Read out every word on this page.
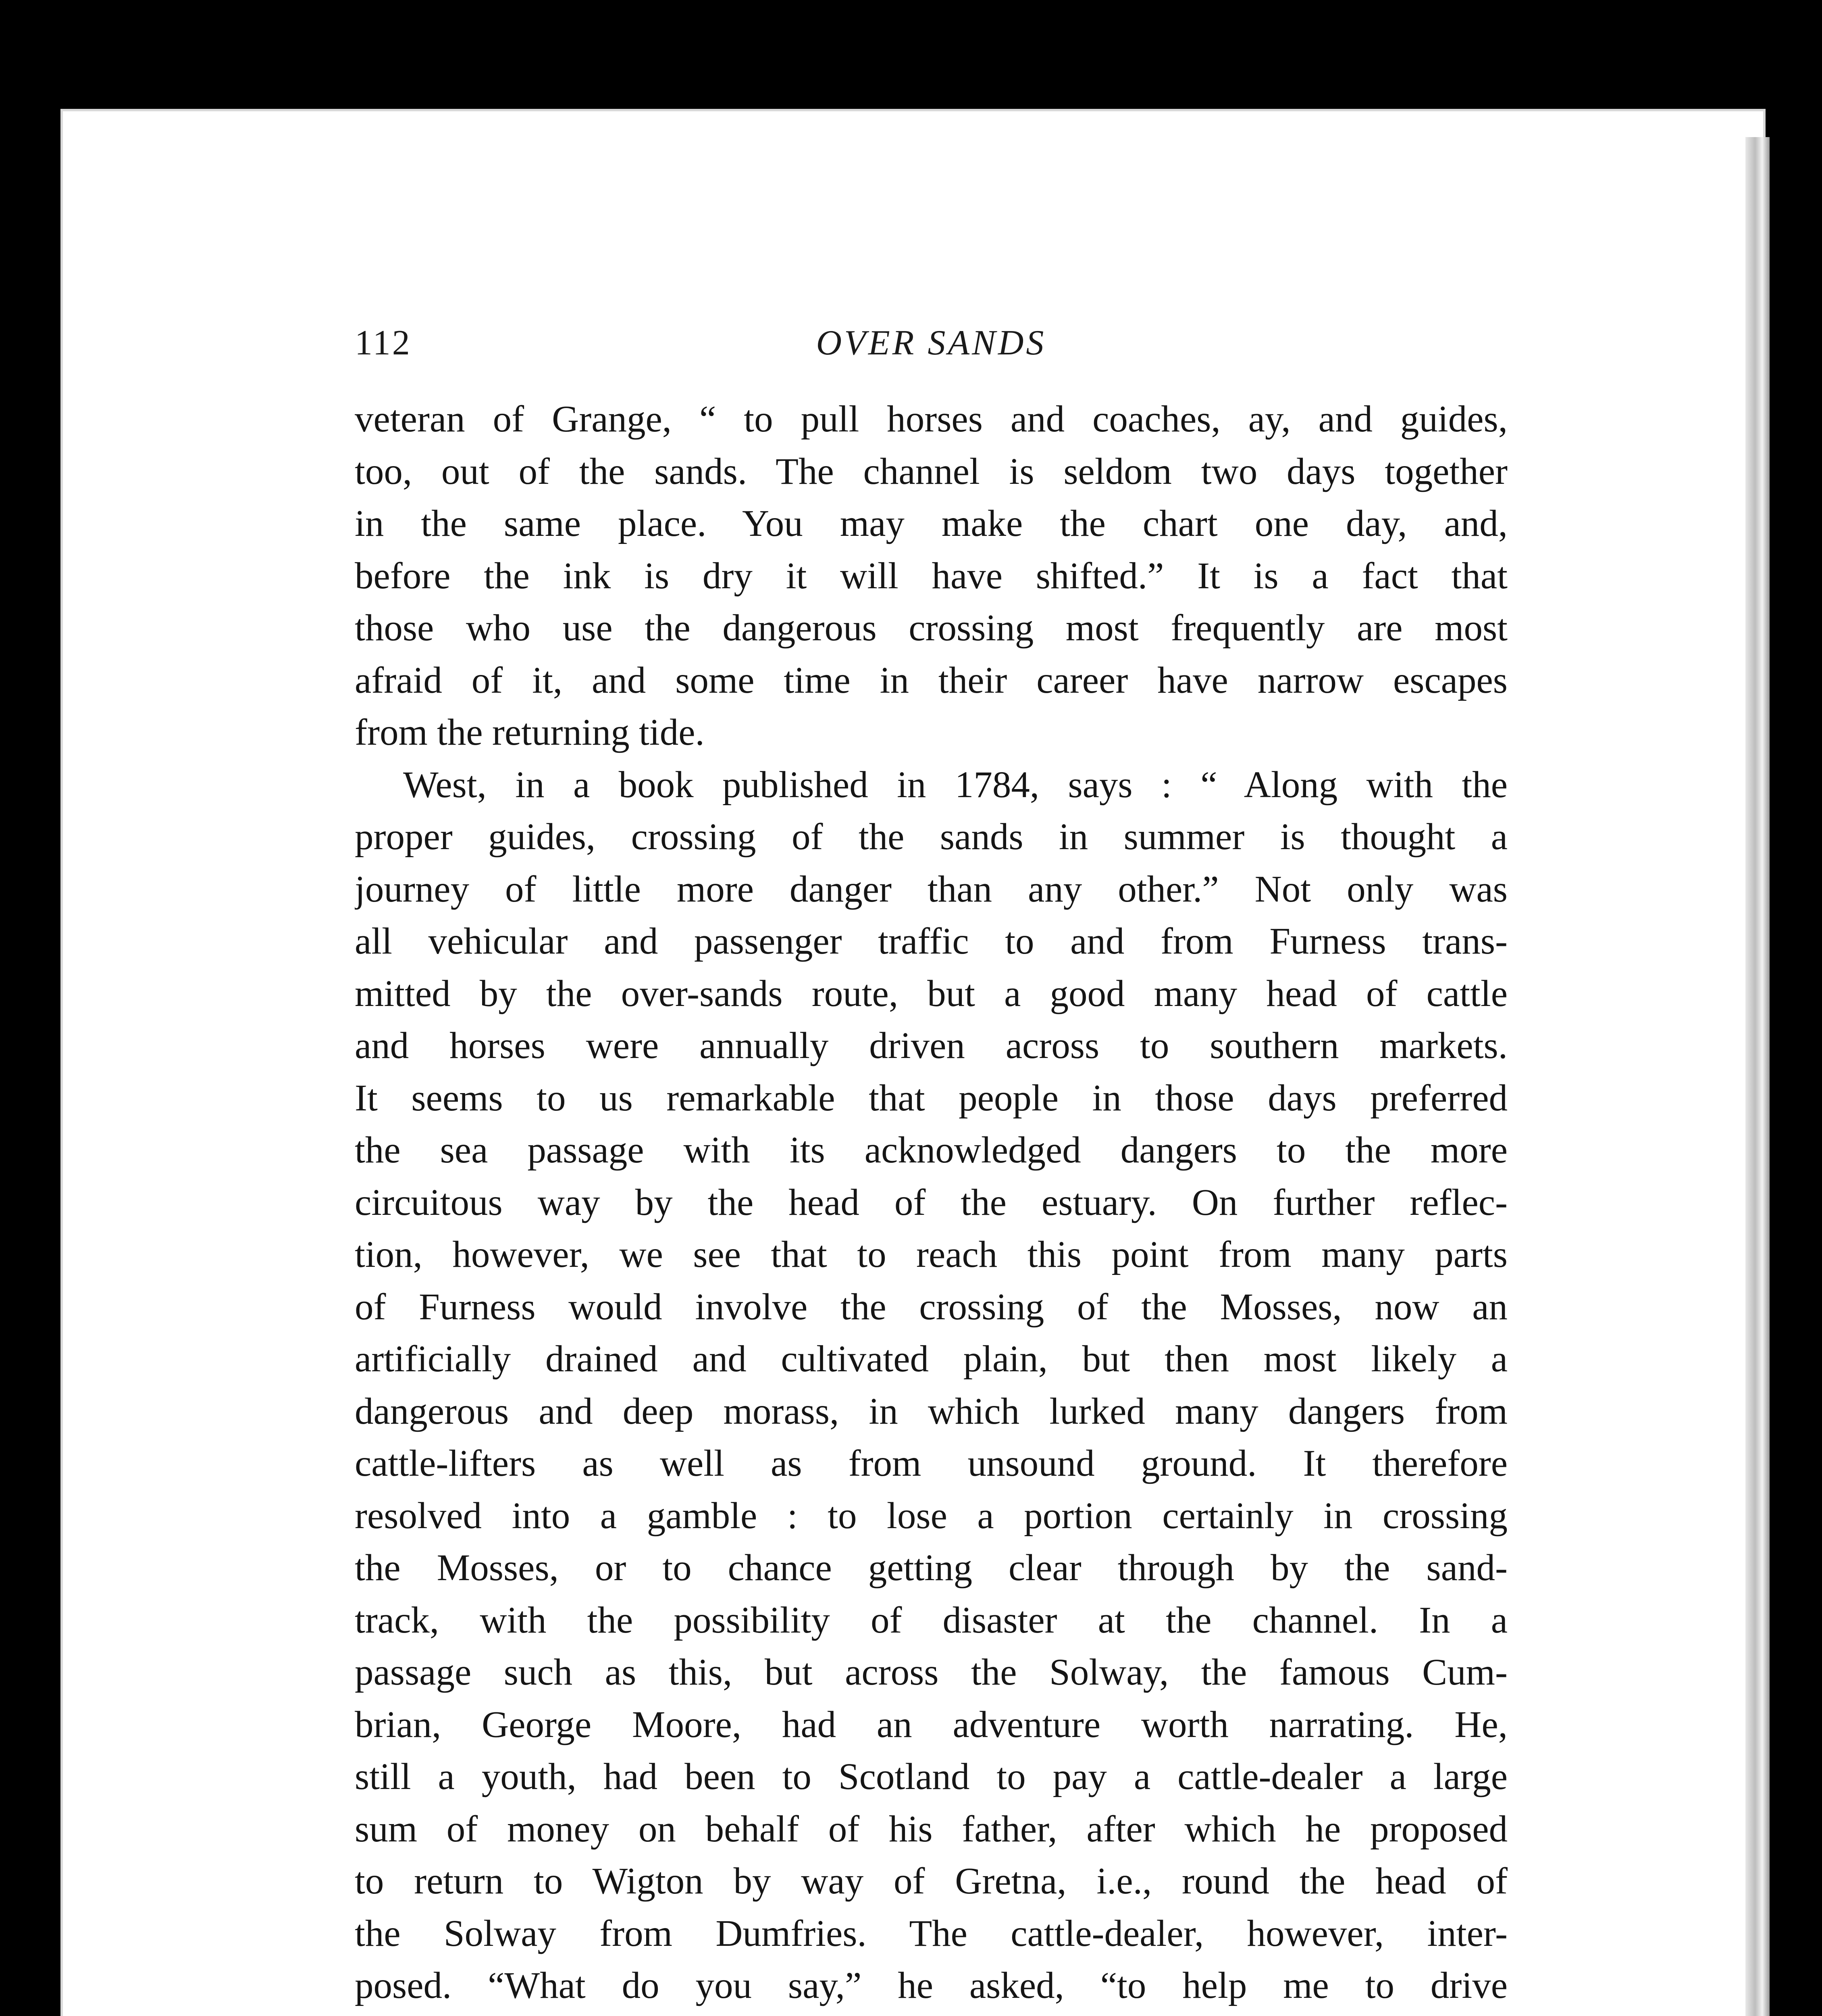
112	OVER SANDS
veteran of Grange, “ to pull horses and coaches, ay, and guides,
too, out of the sands. The channel is seldom two days together
in the same place. You may make the chart one day, and,
before the ink is dry it will have shifted.” It is a fact that
those who use the dangerous crossing most frequently are most
afraid of it, and some time in their career have narrow escapes
from the returning tide.
West, in a book published in 1784, says : “ Along with the
proper guides, crossing of the sands in summer is thought a
journey of little more danger than any other.” Not only was
all vehicular and passenger traffic to and from Furness trans-
mitted by the over-sands route, but a good many head of cattle
and horses were annually driven across to southern markets.
It seems to us remarkable that people in those days preferred
the sea passage with its acknowledged dangers to the more
circuitous way by the head of the estuary. On further reflec-
tion, however, we see that to reach this point from many parts
of Furness would involve the crossing of the Mosses, now an
artificially drained and cultivated plain, but then most likely a
dangerous and deep morass, in which lurked many dangers from
cattle-lifters as well as from unsound ground. It therefore
resolved into a gamble : to lose a portion certainly in crossing
the Mosses, or to chance getting clear through by the sand-
track, with the possibility of disaster at the channel. In a
passage such as this, but across the Solway, the famous Cum-
brian, George Moore, had an adventure worth narrating. He,
still a youth, had been to Scotland to pay a cattle-dealer a large
sum of money on behalf of his father, after which he proposed
to return to Wigton by way of Gretna, i.e., round the head of
the Solway from Dumfries. The cattle-dealer, however, inter-
posed. “What do you say,” he asked, “to help me to drive
